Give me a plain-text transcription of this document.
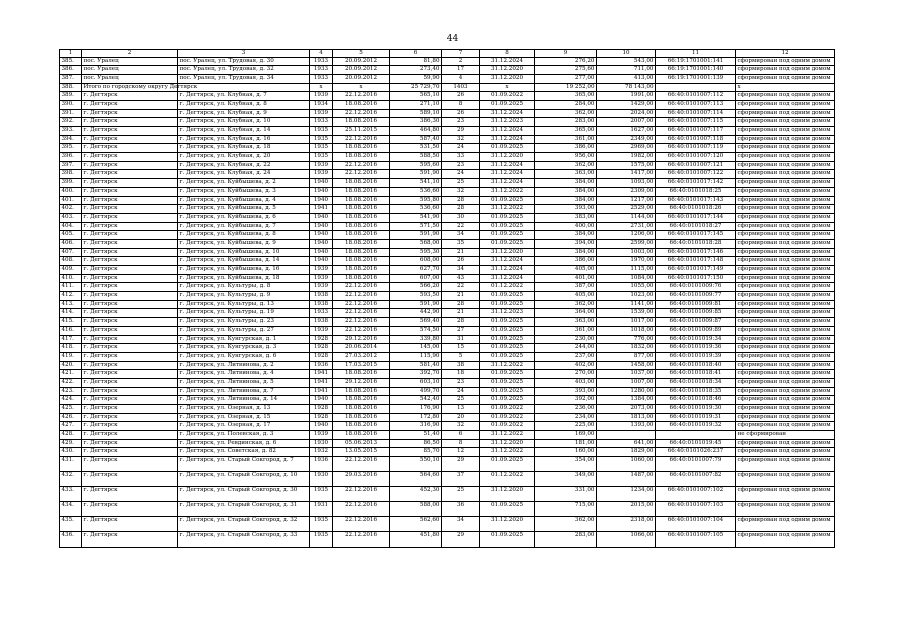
44
1	2	3	4	5	6	7	8	9	10	11	12
385.	пос. Уралец	пос. Уралец, ул. Трудовая, д. 30	1933	20.09.2012	81,80	2	31.12.2024	276,20	543,00	66:19:1701001:141	сформирован под одним домом
386.	пос. Уралец	пос. Уралец, ул. Трудовая, д. 32	1933	20.09.2012	273,40	17	31.12.2020	275,60	711,00	66:19:1701001:140	сформирован под одним домом
387.	пос. Уралец	пос. Уралец, ул. Трудовая, д. 34	1933	20.09.2012	59,90	4	31.12.2020	277,00	413,00	66:19:1701001:139	сформирован под одним домом
388.	Итого по городскому округу Дегтярск		x	x	25 729,70	1403	x	19 252,00	78 143,00		x
389.	г. Дегтярск	г. Дегтярск, ул. Клубная, д. 7	1939	22.12.2016	565,10	26	01.09.2022	365,00	1991,00	66:40:0101007:112	сформирован под одним домом
390.	г. Дегтярск	г. Дегтярск, ул. Клубная, д. 8	1934	18.08.2016	271,10	8	01.09.2025	284,00	1429,00	66:40:0101007:113	сформирован под одним домом
391.	г. Дегтярск	г. Дегтярск, ул. Клубная, д. 9	1939	22.12.2016	589,10	26	31.12.2024	362,00	2024,00	66:40:0101007:114	сформирован под одним домом
392.	г. Дегтярск	г. Дегтярск, ул. Клубная, д. 10	1933	18.08.2016	386,30	23	31.12.2023	283,00	2007,00	66:40:0101007:115	сформирован под одним домом
393.	г. Дегтярск	г. Дегтярск, ул. Клубная, д. 14	1935	25.11.2015	464,80	29	31.12.2024	365,00	1627,00	66:40:0101007:117	сформирован под одним домом
394.	г. Дегтярск	г. Дегтярск, ул. Клубная, д. 16	1935	22.12.2016	587,40	32	31.12.2024	361,00	2349,00	66:40:0101007:118	сформирован под одним домом
395.	г. Дегтярск	г. Дегтярск, ул. Клубная, д. 18	1935	18.08.2016	531,50	24	01.09.2025	386,00	2969,00	66:40:0101007:119	сформирован под одним домом
396.	г. Дегтярск	г. Дегтярск, ул. Клубная, д. 20	1935	18.08.2016	588,50	33	31.12.2020	956,00	1982,00	66:40:0101007:120	сформирован под одним домом
397.	г. Дегтярск	г. Дегтярск, ул. Клубная, д. 22	1939	22.12.2016	595,60	23	31.12.2024	362,00	1575,00	66:40:0101007:121	сформирован под одним домом
398.	г. Дегтярск	г. Дегтярск, ул. Клубная, д. 24	1939	22.12.2016	591,90	24	31.12.2024	363,00	1417,00	66:40:0101007:122	сформирован под одним домом
399.	г. Дегтярск	г. Дегтярск, ул. Куйбышева, д. 2	1940	18.08.2016	541,10	25	31.12.2024	384,00	1093,00	66:40:0101017:142	сформирован под одним домом
400.	г. Дегтярск	г. Дегтярск, ул. Куйбышева, д. 3	1940	18.08.2016	536,60	32	31.12.2022	384,00	2309,00	66:40:0101018:25	сформирован под одним домом
401.	г. Дегтярск	г. Дегтярск, ул. Куйбышева, д. 4	1940	18.08.2016	595,80	28	01.09.2025	384,00	1217,00	66:40:0101017:143	сформирован под одним домом
402.	г. Дегтярск	г. Дегтярск, ул. Куйбышева, д. 5	1941	18.08.2016	536,60	28	31.12.2022	393,00	2529,00	66:40:0101018:26	сформирован под одним домом
403.	г. Дегтярск	г. Дегтярск, ул. Куйбышева, д. 6	1940	18.08.2016	541,90	30	01.09.2025	383,00	1144,00	66:40:0101017:144	сформирован под одним домом
404.	г. Дегтярск	г. Дегтярск, ул. Куйбышева, д. 7	1940	18.08.2016	571,50	22	01.09.2025	400,00	2731,00	66:40:0101018:27	сформирован под одним домом
405.	г. Дегтярск	г. Дегтярск, ул. Куйбышева, д. 8	1940	18.08.2016	591,90	34	01.09.2025	384,00	1206,00	66:40:0101017:145	сформирован под одним домом
406.	г. Дегтярск	г. Дегтярск, ул. Куйбышева, д. 9	1940	18.08.2016	568,00	35	01.09.2025	394,00	2599,00	66:40:0101018:28	сформирован под одним домом
407.	г. Дегтярск	г. Дегтярск, ул. Куйбышева, д. 10	1940	18.08.2016	595,30	21	31.12.2020	384,00	1003,00	66:40:0101017:146	сформирован под одним домом
408.	г. Дегтярск	г. Дегтярск, ул. Куйбышева, д. 14	1940	18.08.2016	608,00	26	31.12.2024	386,00	1970,00	66:40:0101017:148	сформирован под одним домом
409.	г. Дегтярск	г. Дегтярск, ул. Куйбышева, д. 16	1939	18.08.2016	627,70	34	31.12.2024	405,00	1115,00	66:40:0101017:149	сформирован под одним домом
410.	г. Дегтярск	г. Дегтярск, ул. Куйбышева, д. 18	1939	18.08.2016	607,00	43	31.12.2024	401,00	1084,00	66:40:0101017:150	сформирован под одним домом
411.	г. Дегтярск	г. Дегтярск, ул. Культуры, д. 8	1939	22.12.2016	566,20	22	01.12.2022	387,00	1055,00	66:40:0101009:76	сформирован под одним домом
412.	г. Дегтярск	г. Дегтярск, ул. Культуры, д. 9	1938	22.12.2016	593,50	21	01.09.2025	405,00	1023,00	66:40:0101009:77	сформирован под одним домом
413.	г. Дегтярск	г. Дегтярск, ул. Культуры, д. 13	1938	22.12.2016	591,90	28	01.09.2025	362,00	1141,00	66:40:0101009:81	сформирован под одним домом
414.	г. Дегтярск	г. Дегтярск, ул. Культуры, д. 19	1933	22.12.2016	442,90	21	31.12.2023	364,00	1539,00	66:40:0101009:85	сформирован под одним домом
415.	г. Дегтярск	г. Дегтярск, ул. Культуры, д. 23	1938	22.12.2016	569,40	28	01.09.2025	363,00	1017,00	66:40:0101009:87	сформирован под одним домом
416.	г. Дегтярск	г. Дегтярск, ул. Культуры, д. 27	1939	22.12.2016	574,50	27	01.09.2025	361,00	1018,00	66:40:0101009:89	сформирован под одним домом
417.	г. Дегтярск	г. Дегтярск, ул. Кунгурская, д. 1	1928	29.12.2016	339,80	31	01.09.2025	230,00	776,00	66:40:0101019:34	сформирован под одним домом
418.	г. Дегтярск	г. Дегтярск, ул. Кунгурская, д. 3	1928	20.06.2014	145,00	15	01.09.2025	244,00	1832,00	66:40:0101019:36	сформирован под одним домом
419.	г. Дегтярск	г. Дегтярск, ул. Кунгурская, д. 6	1928	27.03.2012	115,90	5	01.09.2025	237,00	877,00	66:40:0101019:39	сформирован под одним домом
420.	г. Дегтярск	г. Дегтярск, ул. Литвинова, д. 2	1936	17.03.2015	581,40	38	31.12.2022	402,00	1458,00	66:40:0101018:40	сформирован под одним домом
421.	г. Дегтярск	г. Дегтярск, ул. Литвинова, д. 4	1941	18.08.2016	392,70	18	01.09.2025	270,00	1037,00	66:40:0101018:41	сформирован под одним домом
422.	г. Дегтярск	г. Дегтярск, ул. Литвинова, д. 5	1941	29.12.2016	603,10	23	01.09.2025	403,00	1007,00	66:40:0101018:34	сформирован под одним домом
423.	г. Дегтярск	г. Дегтярск, ул. Литвинова, д. 7	1941	18.08.2016	499,70	24	01.09.2025	393,00	1280,00	66:40:0101018:35	сформирован под одним домом
424.	г. Дегтярск	г. Дегтярск, ул. Литвинова, д. 14	1940	18.08.2016	542,40	25	01.09.2025	392,00	1384,00	66:40:0101018:46	сформирован под одним домом
425.	г. Дегтярск	г. Дегтярск, ул. Озерная, д. 13	1928	18.08.2016	176,90	13	01.09.2022	236,00	2073,00	66:40:0101019:30	сформирован под одним домом
426.	г. Дегтярск	г. Дегтярск, ул. Озерная, д. 15	1928	18.08.2016	172,80	20	01.09.2022	234,00	1813,00	66:40:0101019:31	сформирован под одним домом
427.	г. Дегтярск	г. Дегтярск, ул. Озерная, д. 17	1940	18.08.2016	316,90	32	01.09.2022	225,00	1393,00	66:40:0101019:32	сформирован под одним домом
428.	г. Дегтярск	г. Дегтярск, ул. Полевская, д. 3	1939	18.08.2016	51,40	6	31.12.2022	169,00			не сформирован
429.	г. Дегтярск	г. Дегтярск, ул. Ревдинская, д. 6	1930	05.06.2013	86,50	8	31.12.2020	181,00	641,00	66:40:0101019:45	сформирован под одним домом
430.	г. Дегтярск	г. Дегтярск, ул. Советская, д. 82	1932	13.05.2015	85,70	12	31.12.2022	160,00	1829,00	66:40:0101026:237	сформирован под одним домом
431.	г. Дегтярск	г. Дегтярск, ул. Старый Сокгород, д. 7	1936	22.12.2016	550,10	29	01.09.2025	354,00	1060,00	66:40:0101007:79	сформирован под одним домом
432.	г. Дегтярск	г. Дегтярск, ул. Старый Сокгород, д. 10	1930	29.03.2016	564,60	37	01.12.2022	349,00	1487,00	66:40:0101007:82	сформирован под одним домом
433.	г. Дегтярск	г. Дегтярск, ул. Старый Сокгород, д. 30	1935	22.12.2016	452,30	25	31.12.2020	331,00	1234,00	66:40:0101007:102	сформирован под одним домом
434.	г. Дегтярск	г. Дегтярск, ул. Старый Сокгород, д. 31	1931	22.12.2016	588,00	36	01.09.2025	715,00	2015,00	66:40:0101007:103	сформирован под одним домом
435.	г. Дегтярск	г. Дегтярск, ул. Старый Сокгород, д. 32	1935	22.12.2016	562,60	34	31.12.2020	362,00	2318,00	66:40:0101007:104	сформирован под одним домом
436.	г. Дегтярск	г. Дегтярск, ул. Старый Сокгород, д. 33	1935	22.12.2016	451,80	29	01.09.2025	283,00	1066,00	66:40:0101007:105	сформирован под одним домом
